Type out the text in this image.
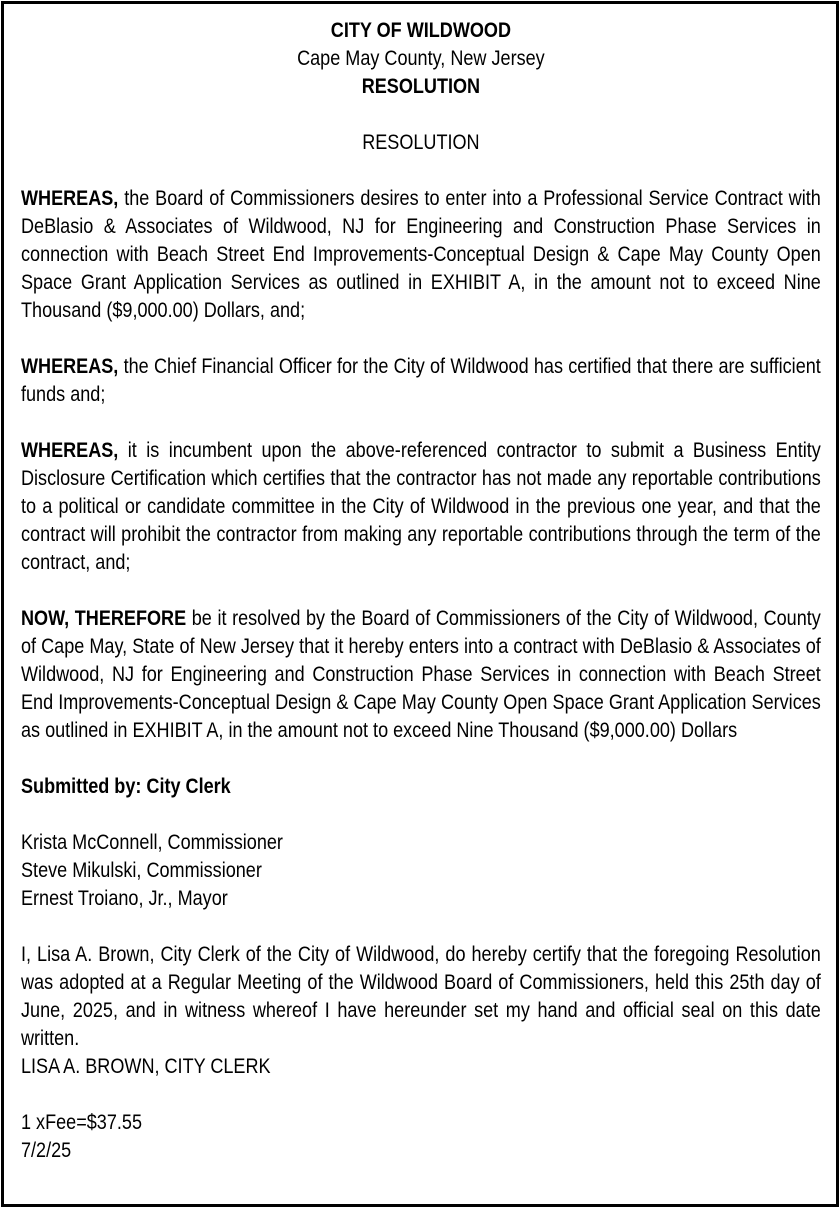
CITY OF WILDWOOD
Cape May County, New Jersey
RESOLUTION
RESOLUTION

WHEREAS, the Board of Commissioners desires to enter into a Professional Service Contract with DeBlasio & Associates of Wildwood, NJ for Engineering and Construction Phase Services in connection with Beach Street End Improvements-Conceptual Design & Cape May County Open Space Grant Application Services as outlined in EXHIBIT A, in the amount not to exceed Nine Thousand ($9,000.00) Dollars, and;

WHEREAS, the Chief Financial Officer for the City of Wildwood has certified that there are sufficient funds and;

WHEREAS, it is incumbent upon the above-referenced contractor to submit a Business Entity Disclosure Certification which certifies that the contractor has not made any reportable contributions to a political or candidate committee in the City of Wildwood in the previous one year, and that the contract will prohibit the contractor from making any reportable contributions through the term of the contract, and;

NOW, THEREFORE be it resolved by the Board of Commissioners of the City of Wildwood, County of Cape May, State of New Jersey that it hereby enters into a contract with DeBlasio & Associates of Wildwood, NJ for Engineering and Construction Phase Services in connection with Beach Street End Improvements-Conceptual Design & Cape May County Open Space Grant Application Services as outlined in EXHIBIT A, in the amount not to exceed Nine Thousand ($9,000.00) Dollars

Submitted by: City Clerk
Krista McConnell, Commissioner
Steve Mikulski, Commissioner
Ernest Troiano, Jr., Mayor

I, Lisa A. Brown, City Clerk of the City of Wildwood, do hereby certify that the foregoing Resolution was adopted at a Regular Meeting of the Wildwood Board of Commissioners, held this 25th day of June, 2025, and in witness whereof I have hereunder set my hand and official seal on this date written.

LISA A. BROWN, CITY CLERK
1 xFee=$37.55
7/2/25
